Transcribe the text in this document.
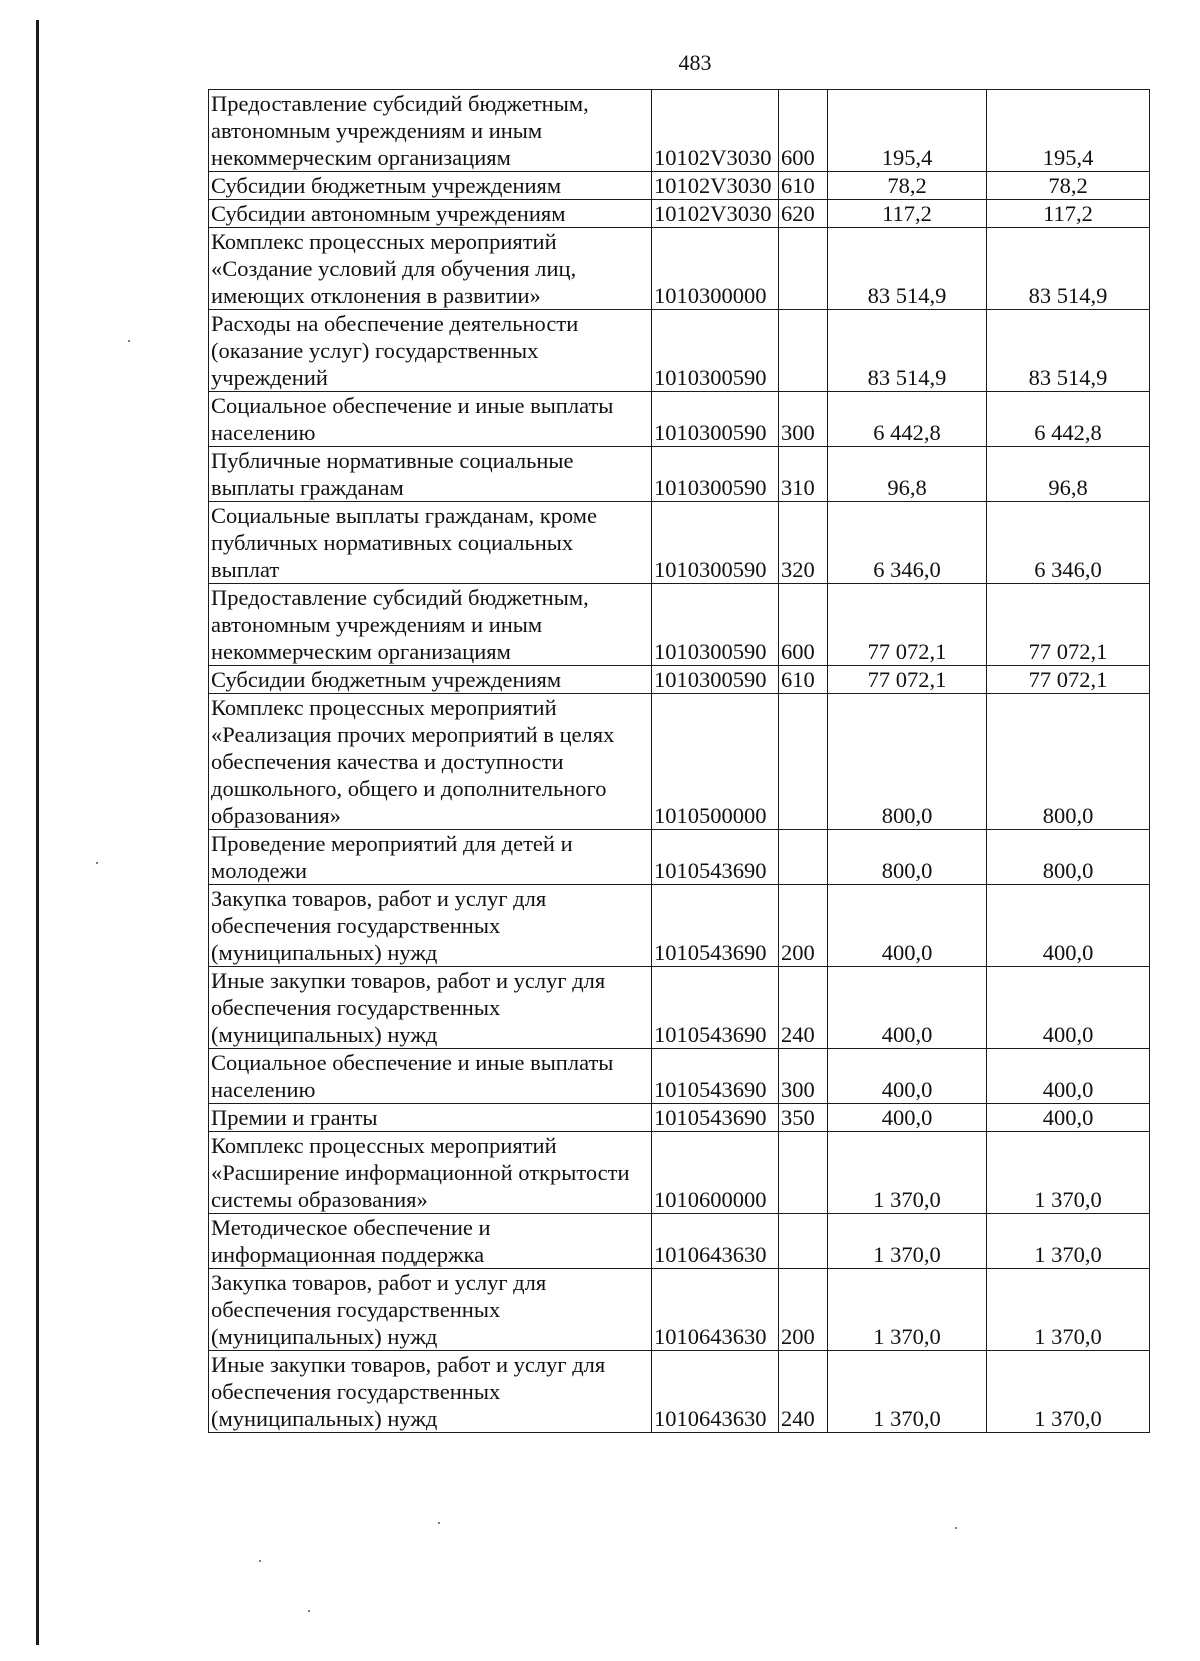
483
Предоставление субсидий бюджетным,
автономным учреждениям и иным
некоммерческим организациям	10102V3030	600	195,4	195,4

Субсидии бюджетным учреждениям	10102V3030	610	78,2	78,2

Субсидии автономным учреждениям	10102V3030	620	117,2	117,2

Комплекс процессных мероприятий
«Создание условий для обучения лиц,
имеющих отклонения в развитии»	1010300000		83 514,9	83 514,9

Расходы на обеспечение деятельности
(оказание услуг) государственных
учреждений	1010300590		83 514,9	83 514,9

Социальное обеспечение и иные выплаты
населению	1010300590	300	6 442,8	6 442,8

Публичные нормативные социальные
выплаты гражданам	1010300590	310	96,8	96,8

Социальные выплаты гражданам, кроме
публичных нормативных социальных
выплат	1010300590	320	6 346,0	6 346,0

Предоставление субсидий бюджетным,
автономным учреждениям и иным
некоммерческим организациям	1010300590	600	77 072,1	77 072,1

Субсидии бюджетным учреждениям	1010300590	610	77 072,1	77 072,1

Комплекс процессных мероприятий
«Реализация прочих мероприятий в целях
обеспечения качества и доступности
дошкольного, общего и дополнительного
образования»	1010500000		800,0	800,0

Проведение мероприятий для детей и
молодежи	1010543690		800,0	800,0

Закупка товаров, работ и услуг для
обеспечения государственных
(муниципальных) нужд	1010543690	200	400,0	400,0

Иные закупки товаров, работ и услуг для
обеспечения государственных
(муниципальных) нужд	1010543690	240	400,0	400,0

Социальное обеспечение и иные выплаты
населению	1010543690	300	400,0	400,0

Премии и гранты	1010543690	350	400,0	400,0

Комплекс процессных мероприятий
«Расширение информационной открытости
системы образования»	1010600000		1 370,0	1 370,0

Методическое обеспечение и
информационная поддержка	1010643630		1 370,0	1 370,0

Закупка товаров, работ и услуг для
обеспечения государственных
(муниципальных) нужд	1010643630	200	1 370,0	1 370,0

Иные закупки товаров, работ и услуг для
обеспечения государственных
(муниципальных) нужд	1010643630	240	1 370,0	1 370,0
